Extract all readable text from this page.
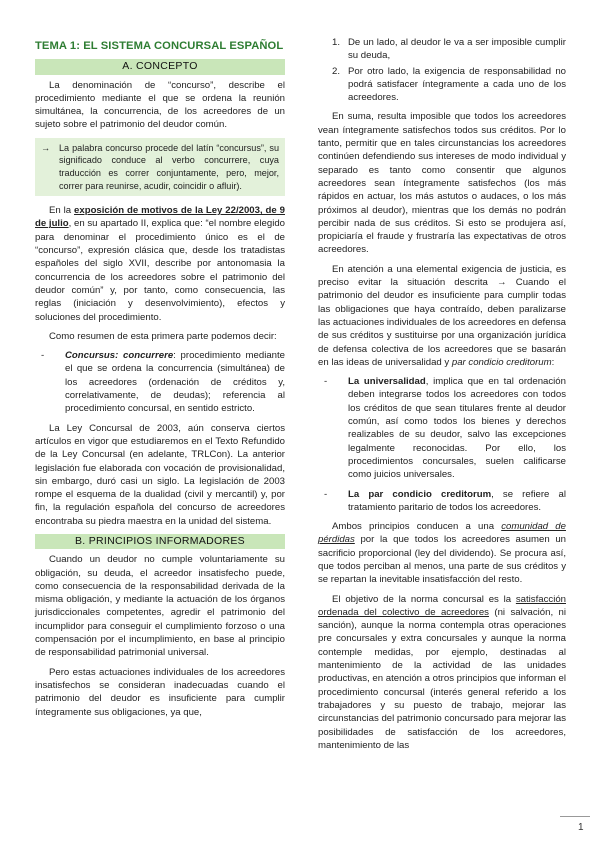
TEMA 1: EL SISTEMA CONCURSAL ESPAÑOL
A. CONCEPTO

La denominación de “concurso”, describe el procedimiento mediante el que se ordena la reunión simultánea, la concurrencia, de los acreedores de un sujeto sobre el patrimonio del deudor común.

→ La palabra concurso procede del latín “concursus”, su significado conduce al verbo concurrere, cuya traducción es correr conjuntamente, pero, mejor, correr para reunirse, acudir, coincidir o afluir).

En la exposición de motivos de la Ley 22/2003, de 9 de julio, en su apartado II, explica que: “el nombre elegido para denominar el procedimiento único es el de “concurso”, expresión clásica que, desde los tratadistas españoles del siglo XVII, describe por antonomasia la concurrencia de los acreedores sobre el patrimonio del deudor común” y, por tanto, como consecuencia, las reglas (iniciación y desenvolvimiento), efectos y soluciones del procedimiento.

Como resumen de esta primera parte podemos decir:

- Concursus: concurrere: procedimiento mediante el que se ordena la concurrencia (simultánea) de los acreedores (ordenación de créditos y, correlativamente, de deudas); referencia al procedimiento concursal, en sentido estricto.

La Ley Concursal de 2003, aún conserva ciertos artículos en vigor que estudiaremos en el Texto Refundido de la Ley Concursal (en adelante, TRLCon). La anterior legislación fue elaborada con vocación de provisionalidad, sin embargo, duró casi un siglo. La legislación de 2003 rompe el esquema de la dualidad (civil y mercantil) y, por fin, la regulación española del concurso de acreedores encontraba su piedra maestra en la unidad del sistema.

B. PRINCIPIOS INFORMADORES

Cuando un deudor no cumple voluntariamente su obligación, su deuda, el acreedor insatisfecho puede, como consecuencia de la responsabilidad derivada de la misma obligación, y mediante la actuación de los órganos jurisdiccionales competentes, agredir el patrimonio del incumplidor para conseguir el cumplimiento forzoso o una compensación por el incumplimiento, en base al principio de responsabilidad patrimonial universal.

Pero estas actuaciones individuales de los acreedores insatisfechos se consideran inadecuadas cuando el patrimonio del deudor es insuficiente para cumplir íntegramente sus obligaciones, ya que,

1. De un lado, al deudor le va a ser imposible cumplir su deuda,
2. Por otro lado, la exigencia de responsabilidad no podrá satisfacer íntegramente a cada uno de los acreedores.

En suma, resulta imposible que todos los acreedores vean íntegramente satisfechos todos sus créditos. Por lo tanto, permitir que en tales circunstancias los acreedores continúen defendiendo sus intereses de modo individual y separado es tanto como consentir que algunos acreedores sean íntegramente satisfechos (los más rápidos en actuar, los más astutos o audaces, o los más próximos al deudor), mientras que los demás no podrán percibir nada de sus créditos. Si esto se produjera así, propiciaría el fraude y frustraría las expectativas de otros acreedores.

En atención a una elemental exigencia de justicia, es preciso evitar la situación descrita → Cuando el patrimonio del deudor es insuficiente para cumplir todas las obligaciones que haya contraído, deben paralizarse las actuaciones individuales de los acreedores en defensa de sus créditos y sustituirse por una organización jurídica de defensa colectiva de los acreedores que se basarán en las ideas de universalidad y par condicio creditorum:

- La universalidad, implica que en tal ordenación deben integrarse todos los acreedores con todos los créditos de que sean titulares frente al deudor común, así como todos los bienes y derechos realizables de su deudor, salvo las excepciones legalmente reconocidas. Por ello, los procedimientos concursales, suelen calificarse como juicios universales.
- La par condicio creditorum, se refiere al tratamiento paritario de todos los acreedores.

Ambos principios conducen a una comunidad de pérdidas por la que todos los acreedores asumen un sacrificio proporcional (ley del dividendo). Se procura así, que todos perciban al menos, una parte de sus créditos y se repartan la inevitable insatisfacción del resto.

El objetivo de la norma concursal es la satisfacción ordenada del colectivo de acreedores (ni salvación, ni sanción), aunque la norma contempla otras operaciones pre concursales y extra concursales y aunque la norma contemple medidas, por ejemplo, destinadas al mantenimiento de la actividad de las unidades productivas, en atención a otros principios que informan el procedimiento concursal (interés general referido a los trabajadores y su puesto de trabajo, mejorar las circunstancias del patrimonio concursado para mejorar las posibilidades de satisfacción de los acreedores, mantenimiento de las

1
